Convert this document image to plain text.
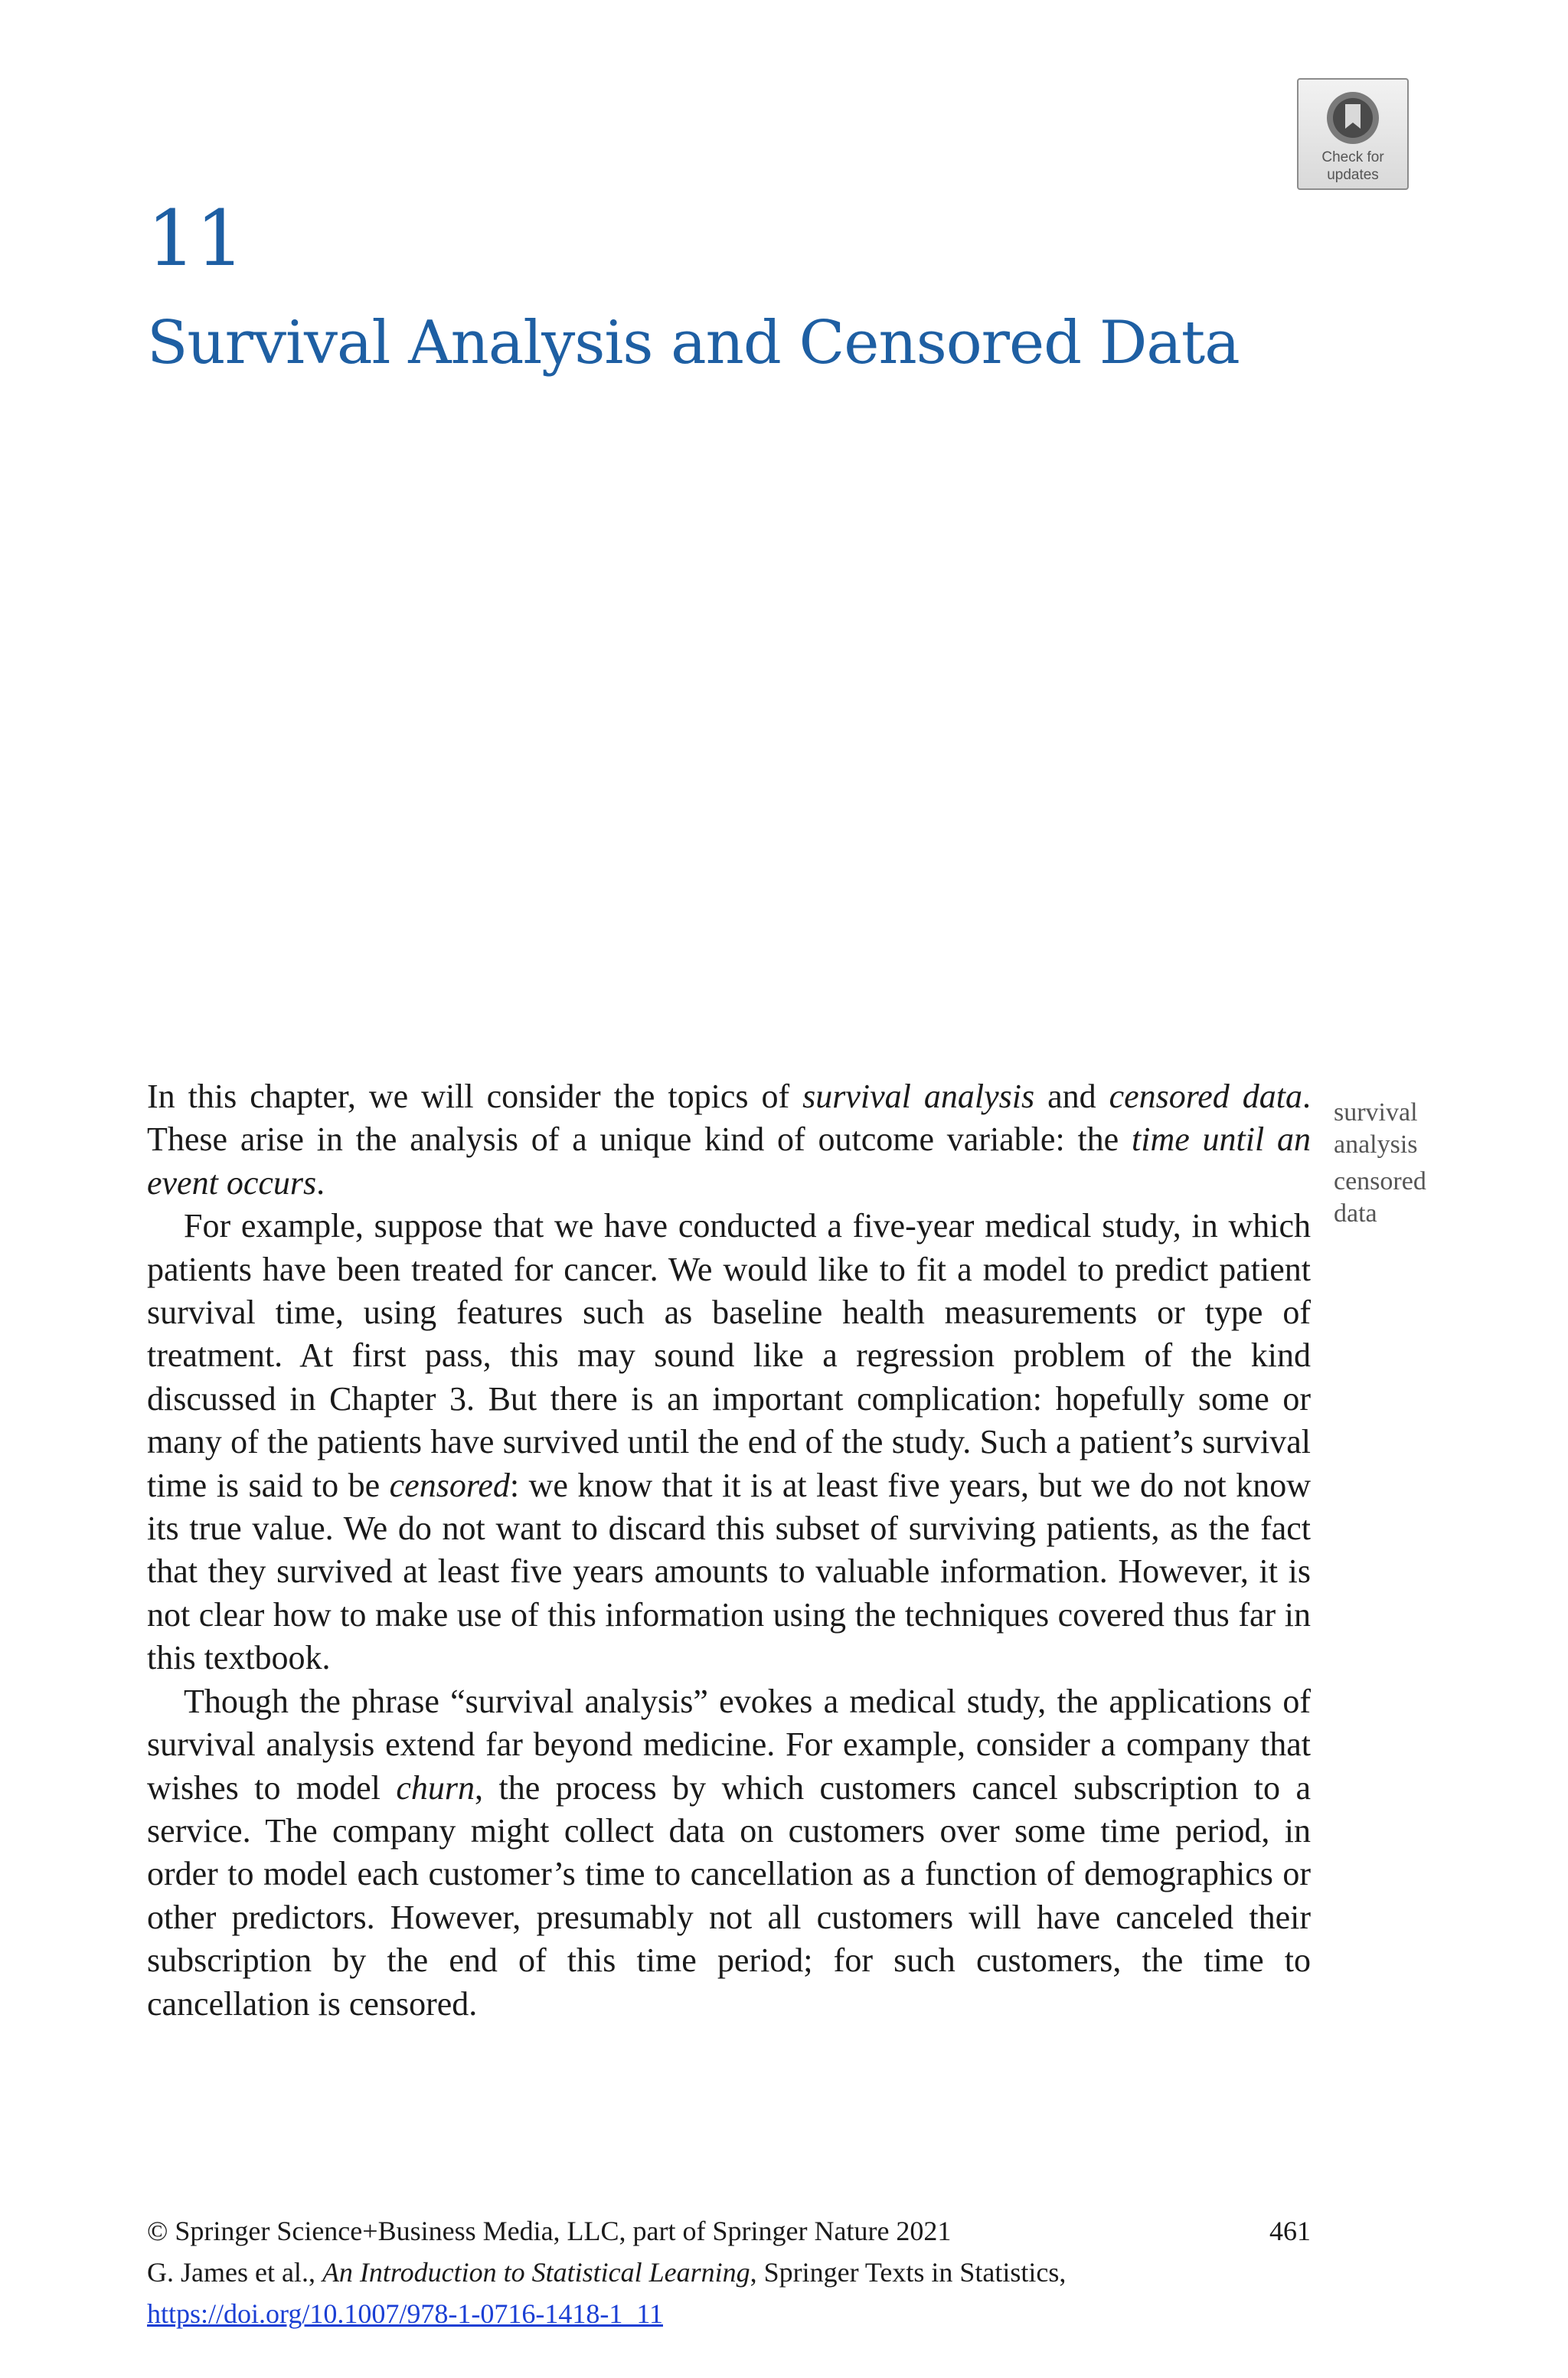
Check for
updates
11
Survival Analysis and Censored Data

In this chapter, we will consider the topics of survival analysis and censored data. These arise in the analysis of a unique kind of outcome variable: the time until an event occurs.

For example, suppose that we have conducted a five-year medical study, in which patients have been treated for cancer. We would like to fit a model to predict patient survival time, using features such as baseline health measurements or type of treatment. At first pass, this may sound like a regression problem of the kind discussed in Chapter 3. But there is an important complication: hopefully some or many of the patients have survived until the end of the study. Such a patient’s survival time is said to be censored: we know that it is at least five years, but we do not know its true value. We do not want to discard this subset of surviving patients, as the fact that they survived at least five years amounts to valuable information. However, it is not clear how to make use of this information using the techniques covered thus far in this textbook.

Though the phrase “survival analysis” evokes a medical study, the applications of survival analysis extend far beyond medicine. For example, consider a company that wishes to model churn, the process by which customers cancel subscription to a service. The company might collect data on customers over some time period, in order to model each customer’s time to cancellation as a function of demographics or other predictors. However, presumably not all customers will have canceled their subscription by the end of this time period; for such customers, the time to cancellation is censored.

survival
analysis
censored
data
© Springer Science+Business Media, LLC, part of Springer Nature 2021	461
G. James et al., An Introduction to Statistical Learning, Springer Texts in Statistics,
https://doi.org/10.1007/978-1-0716-1418-1_11
